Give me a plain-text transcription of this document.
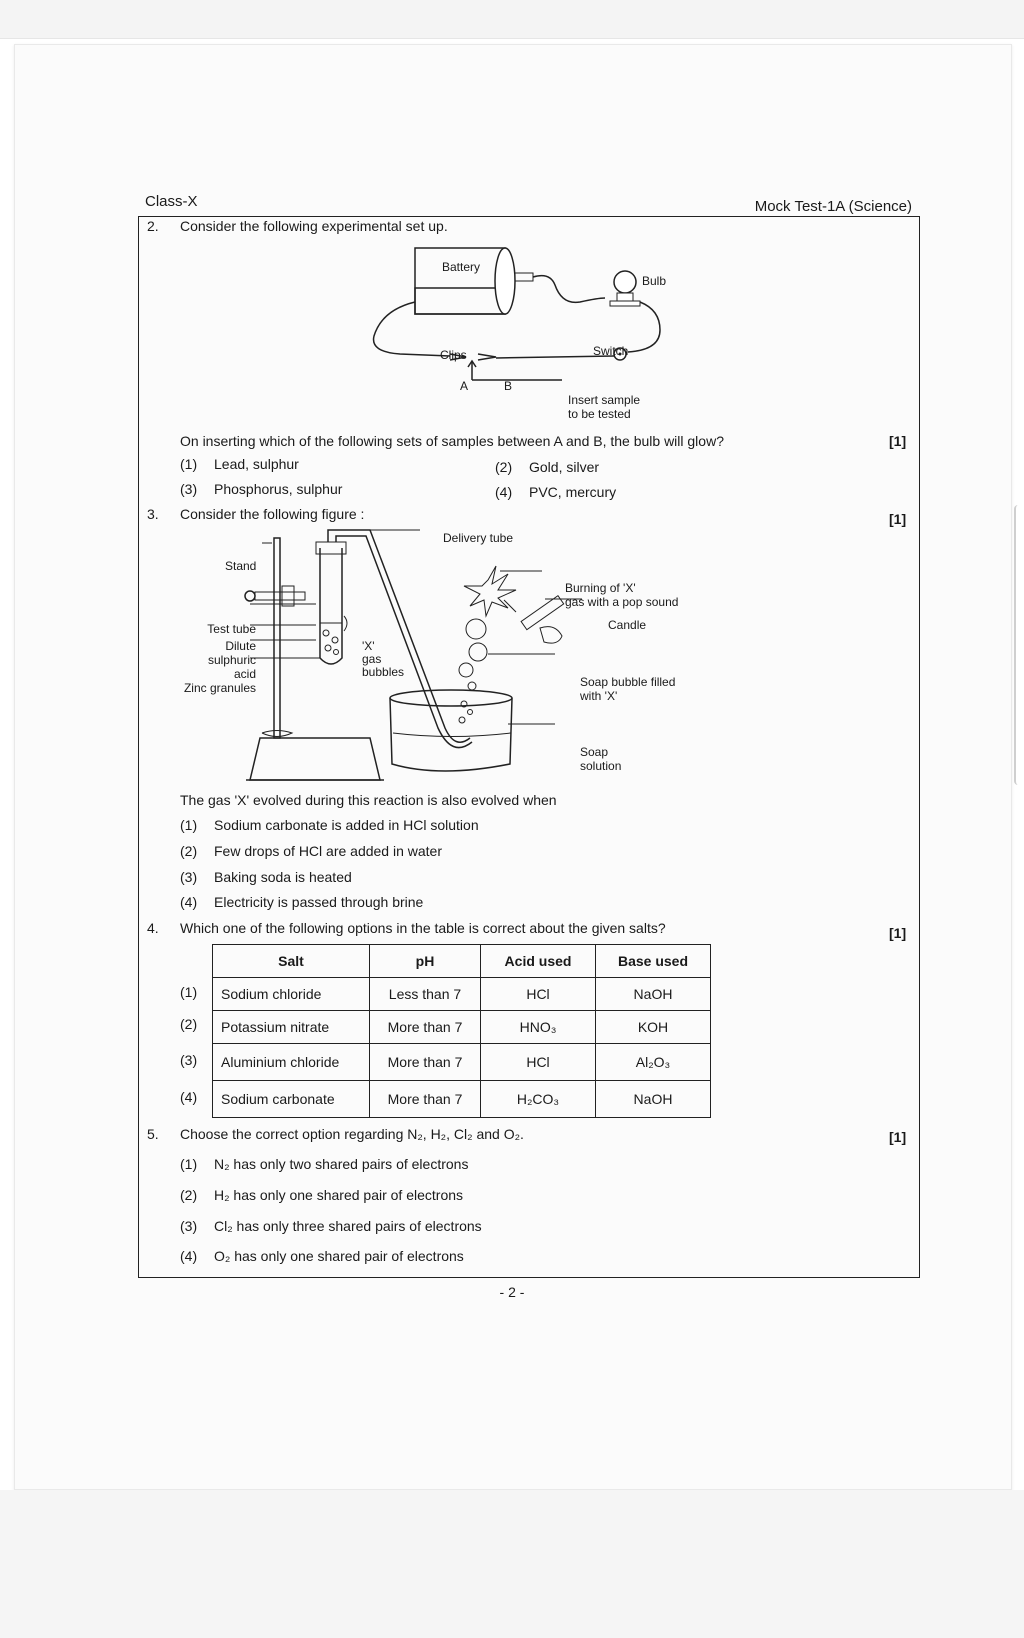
Class-X	Mock Test-1A (Science)
2. Consider the following experimental set up.
Battery
Bulb
Clips	Switch
A	B
Insert sample
to be tested
On inserting which of the following sets of samples between A and B, the bulb will glow?	[1]
(1) Lead, sulphur	(2) Gold, silver
(3) Phosphorus, sulphur	(4) PVC, mercury
3. Consider the following figure :	[1]
Delivery tube
Stand
Test tube
Dilute
sulphuric
acid
Zinc granules
'X'
gas
bubbles
Burning of 'X'
gas with a pop sound
Candle
Soap bubble filled
with 'X'
Soap
solution
The gas 'X' evolved during this reaction is also evolved when
(1) Sodium carbonate is added in HCl solution
(2) Few drops of HCl are added in water
(3) Baking soda is heated
(4) Electricity is passed through brine
4. Which one of the following options in the table is correct about the given salts?	[1]
(1)
(2)
(3)
(4)
Salt	pH	Acid used	Base used
Sodium chloride	Less than 7	HCl	NaOH
Potassium nitrate	More than 7	HNO₃	KOH
Aluminium chloride	More than 7	HCl	Al₂O₃
Sodium carbonate	More than 7	H₂CO₃	NaOH
5. Choose the correct option regarding N₂, H₂, Cl₂ and O₂.	[1]
(1) N₂ has only two shared pairs of electrons
(2) H₂ has only one shared pair of electrons
(3) Cl₂ has only three shared pairs of electrons
(4) O₂ has only one shared pair of electrons
- 2 -
